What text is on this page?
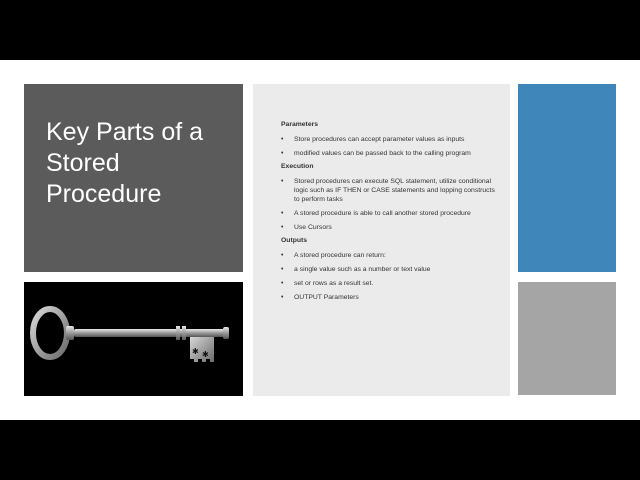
Key Parts of a Stored Procedure
✱ ✱
Parameters
• Store procedures can accept parameter values as inputs
• modified values can be passed back to the calling program
Execution
• Stored procedures can execute SQL statement, utilize conditional logic such as IF THEN or CASE statements and lopping constructs to perform tasks
• A stored procedure is able to call another stored procedure
• Use Cursors
Outputs
• A stored procedure can return:
• a single value such as a number or text value
• set or rows as a result set.
• OUTPUT Parameters
